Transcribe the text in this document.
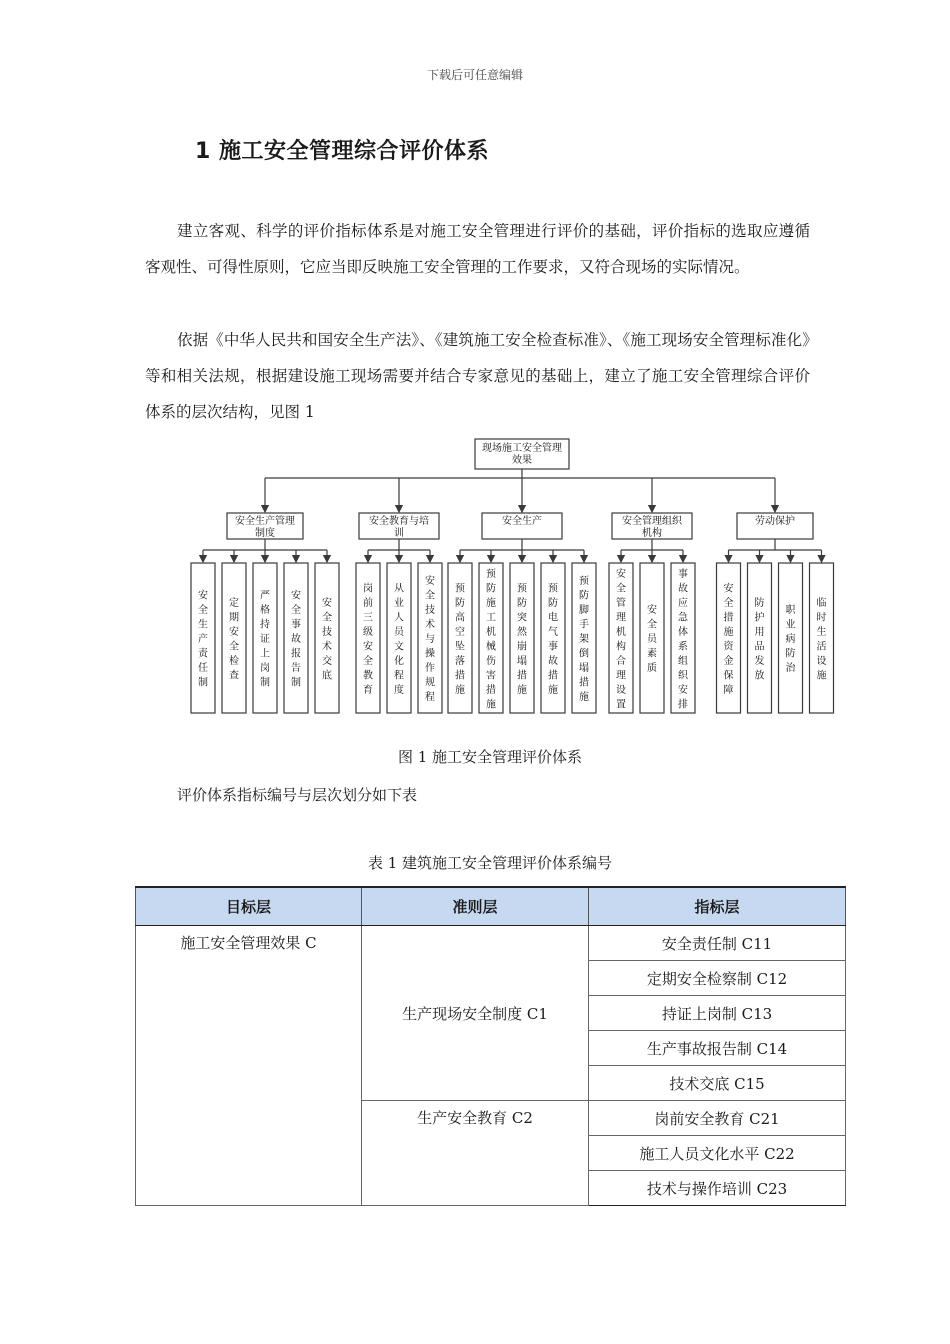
下载后可任意编辑
1 施工安全管理综合评价体系

建立客观、科学的评价指标体系是对施工安全管理进行评价的基础，评价指标的选取应遵循客观性、可得性原则，它应当即反映施工安全管理的工作要求，又符合现场的实际情况。

依据《中华人民共和国安全生产法》、《建筑施工安全检查标准》、《施工现场安全管理标准化》等和相关法规，根据建设施工现场需要并结合专家意见的基础上，建立了施工安全管理综合评价体系的层次结构，见图 1

现场施工安全管理效果
安全生产管理制度
安全生产责任制
定期安全检查
严格持证上岗制
安全事故报告制
安全技术交底
安全教育与培训
岗前三级安全教育
从业人员文化程度
安全技术与操作规程
安全生产
预防高空坠落措施
预防施工机械伤害措施
预防突然崩塌措施
预防电气事故措施
预防脚手架倒塌措施
安全管理组织机构
安全管理机构合理设置
安全员素质
事故应急体系组织安排
劳动保护
安全措施资金保障
防护用品发放
职业病防治
临时生活设施
图 1 施工安全管理评价体系
评价体系指标编号与层次划分如下表
表 1 建筑施工安全管理评价体系编号
目标层	准则层	指标层
施工安全管理效果 C	生产现场安全制度 C1	安全责任制 C11
		定期安全检察制 C12
		持证上岗制 C13
		生产事故报告制 C14
		技术交底 C15
	生产安全教育 C2	岗前安全教育 C21
		施工人员文化水平 C22
		技术与操作培训 C23
